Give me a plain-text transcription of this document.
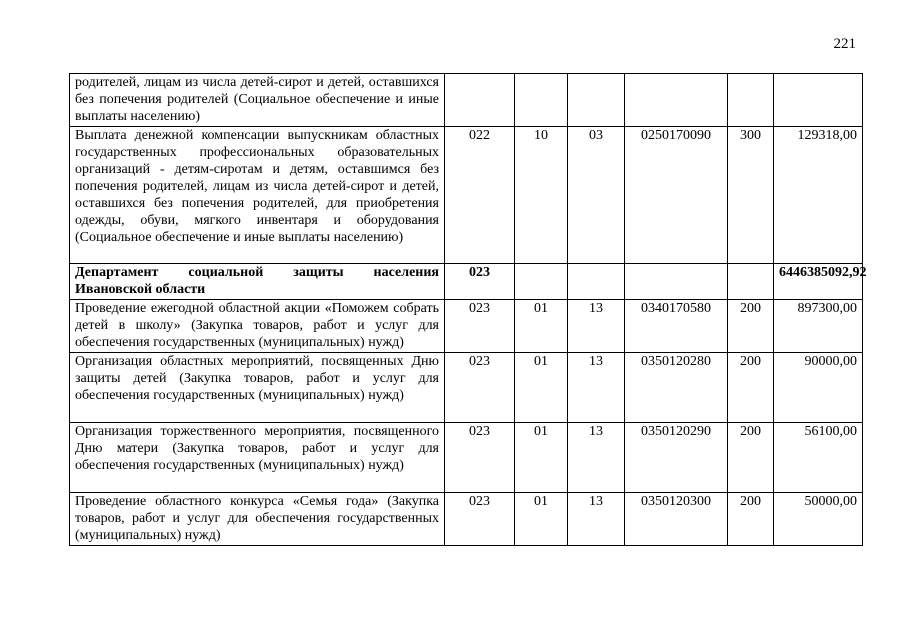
221
родителей, лицам из числа детей-сирот и детей, оставшихся без попечения родителей (Социальное обеспечение и иные выплаты населению)						
Выплата денежной компенсации выпускникам областных государственных профессиональных образовательных организаций - детям-сиротам и детям, оставшимся без попечения родителей, лицам из числа детей-сирот и детей, оставшихся без попечения родителей, для приобретения одежды, обуви, мягкого инвентаря и оборудования (Социальное обеспечение и иные выплаты населению)	022	10	03	0250170090	300	129318,00
Департамент социальной защиты населения Ивановской области	023					6446385092,92
Проведение ежегодной областной акции «Поможем собрать детей в школу» (Закупка товаров, работ и услуг для обеспечения государственных (муниципальных) нужд)	023	01	13	0340170580	200	897300,00
Организация областных мероприятий, посвященных Дню защиты детей (Закупка товаров, работ и услуг для обеспечения государственных (муниципальных) нужд)	023	01	13	0350120280	200	90000,00
Организация торжественного мероприятия, посвященного Дню матери (Закупка товаров, работ и услуг для обеспечения государственных (муниципальных) нужд)	023	01	13	0350120290	200	56100,00
Проведение областного конкурса «Семья года» (Закупка товаров, работ и услуг для обеспечения государственных (муниципальных) нужд)	023	01	13	0350120300	200	50000,00
